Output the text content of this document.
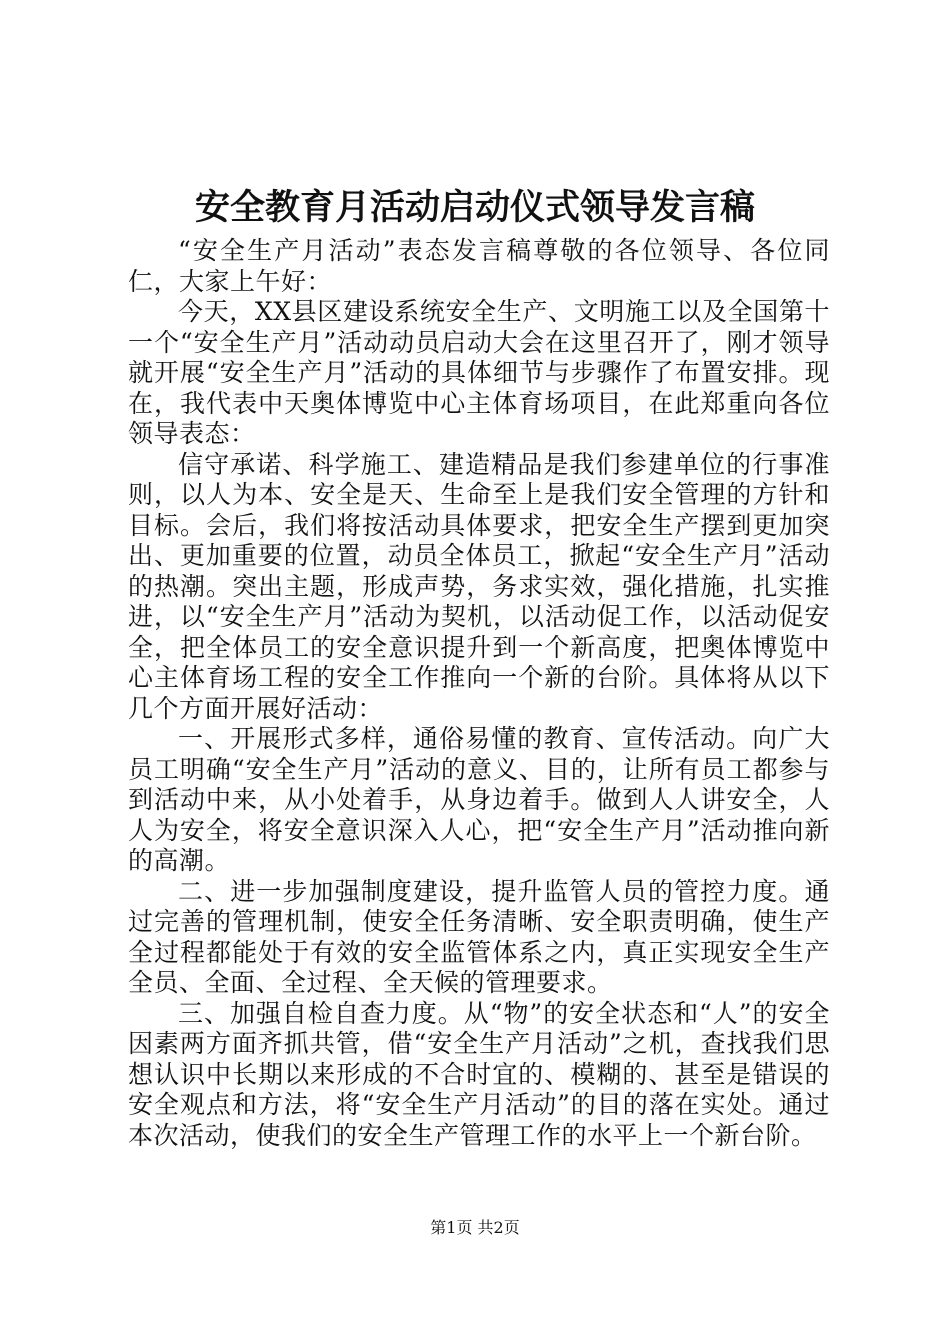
安全教育月活动启动仪式领导发言稿

“安全生产月活动”表态发言稿尊敬的各位领导、各位同仁，大家上午好：

今天，XX县区建设系统安全生产、文明施工以及全国第十一个“安全生产月”活动动员启动大会在这里召开了，刚才领导就开展“安全生产月”活动的具体细节与步骤作了布置安排。现在，我代表中天奥体博览中心主体育场项目，在此郑重向各位领导表态：

信守承诺、科学施工、建造精品是我们参建单位的行事准则，以人为本、安全是天、生命至上是我们安全管理的方针和目标。会后，我们将按活动具体要求，把安全生产摆到更加突出、更加重要的位置，动员全体员工，掀起“安全生产月”活动的热潮。突出主题，形成声势，务求实效，强化措施，扎实推进，以“安全生产月”活动为契机，以活动促工作，以活动促安全，把全体员工的安全意识提升到一个新高度，把奥体博览中心主体育场工程的安全工作推向一个新的台阶。具体将从以下几个方面开展好活动：

一、开展形式多样，通俗易懂的教育、宣传活动。向广大员工明确“安全生产月”活动的意义、目的，让所有员工都参与到活动中来，从小处着手，从身边着手。做到人人讲安全，人人为安全，将安全意识深入人心，把“安全生产月”活动推向新的高潮。

二、进一步加强制度建设，提升监管人员的管控力度。通过完善的管理机制，使安全任务清晰、安全职责明确，使生产全过程都能处于有效的安全监管体系之内，真正实现安全生产全员、全面、全过程、全天候的管理要求。

三、加强自检自查力度。从“物”的安全状态和“人”的安全因素两方面齐抓共管，借“安全生产月活动”之机，查找我们思想认识中长期以来形成的不合时宜的、模糊的、甚至是错误的安全观点和方法，将“安全生产月活动”的目的落在实处。通过本次活动，使我们的安全生产管理工作的水平上一个新台阶。

第1页 共2页
